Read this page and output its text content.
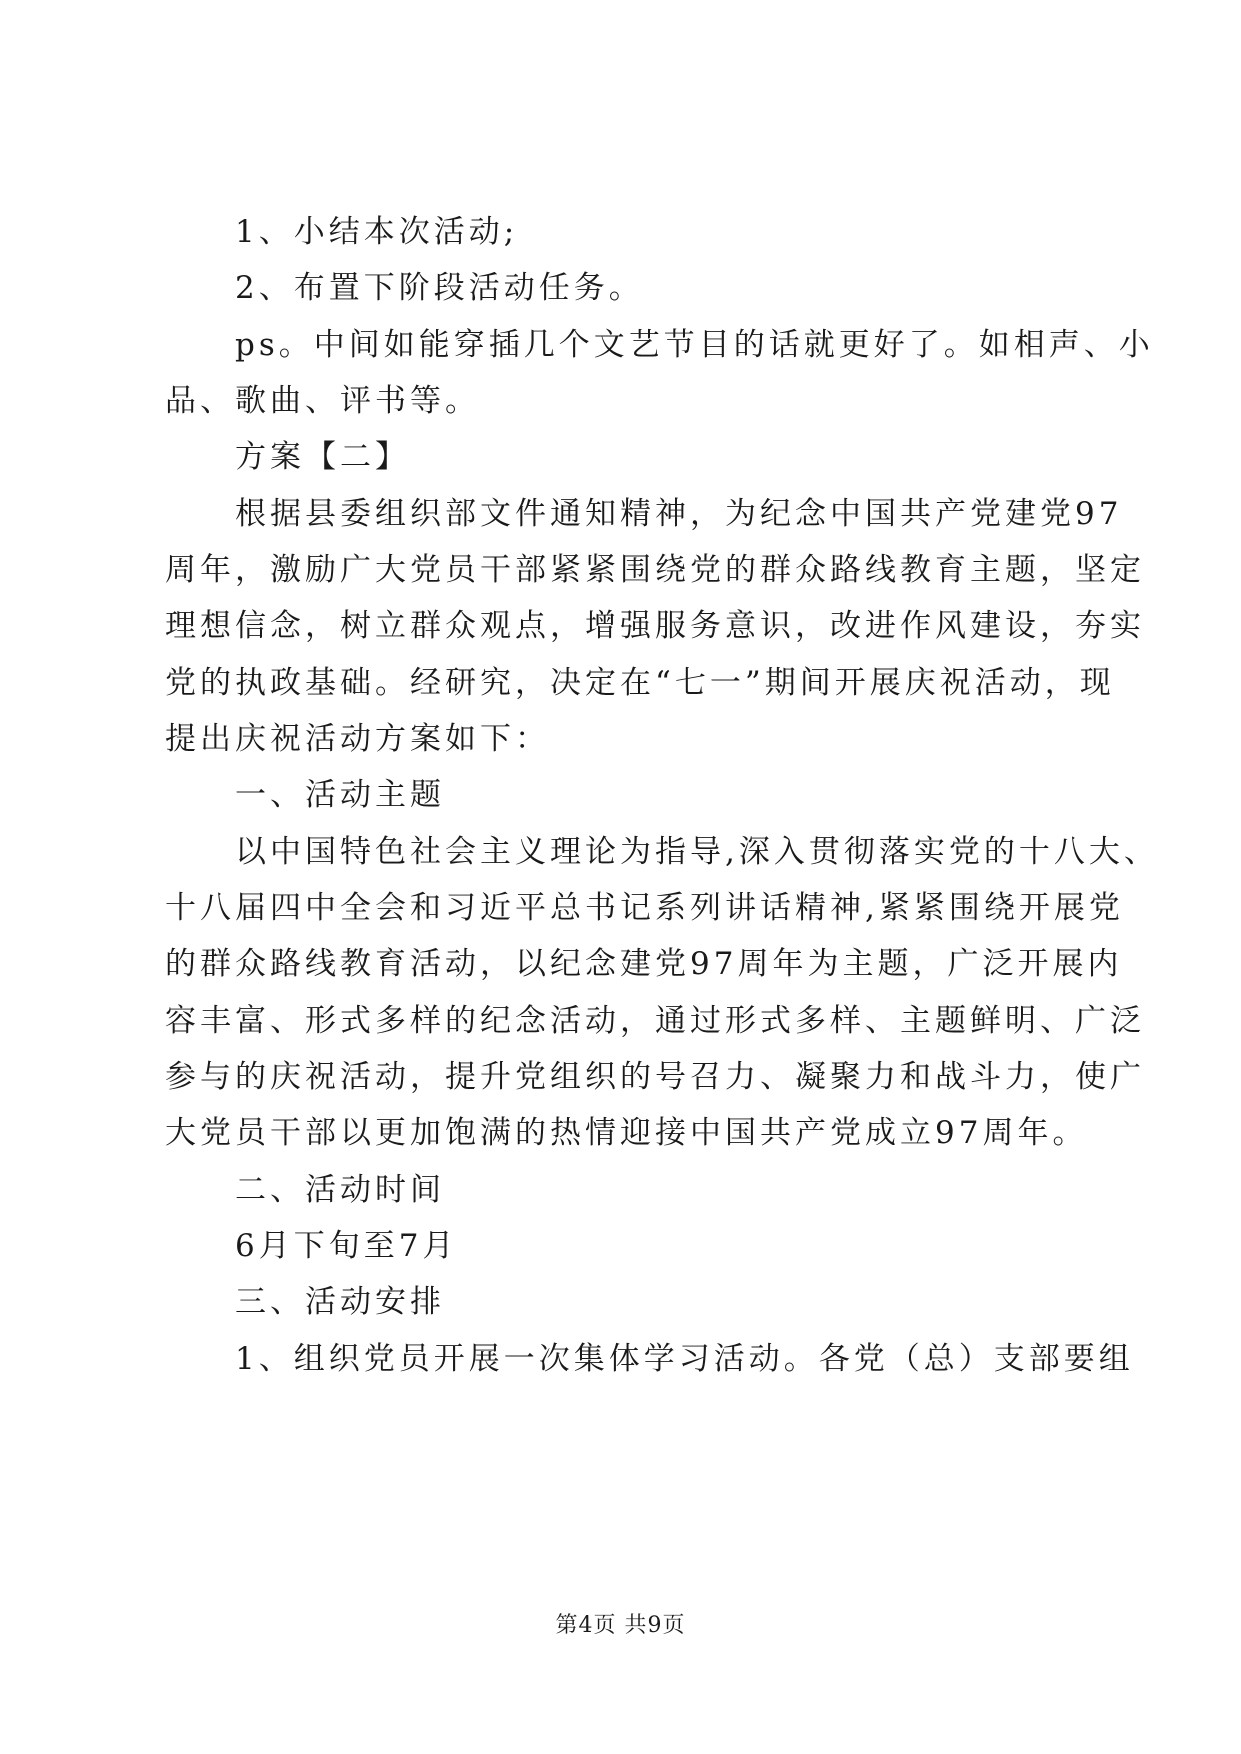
　　1、小结本次活动;
　　2、布置下阶段活动任务。
　　ps。中间如能穿插几个文艺节目的话就更好了。如相声、小
品、歌曲、评书等。
　　方案【二】
　　根据县委组织部文件通知精神，为纪念中国共产党建党97
周年，激励广大党员干部紧紧围绕党的群众路线教育主题，坚定
理想信念，树立群众观点，增强服务意识，改进作风建设，夯实
党的执政基础。经研究，决定在“七一”期间开展庆祝活动，现
提出庆祝活动方案如下：
　　一、活动主题
　　以中国特色社会主义理论为指导,深入贯彻落实党的十八大、
十八届四中全会和习近平总书记系列讲话精神,紧紧围绕开展党
的群众路线教育活动，以纪念建党97周年为主题，广泛开展内
容丰富、形式多样的纪念活动，通过形式多样、主题鲜明、广泛
参与的庆祝活动，提升党组织的号召力、凝聚力和战斗力，使广
大党员干部以更加饱满的热情迎接中国共产党成立97周年。
　　二、活动时间
　　6月下旬至7月
　　三、活动安排
　　1、组织党员开展一次集体学习活动。各党（总）支部要组
第4页 共9页
